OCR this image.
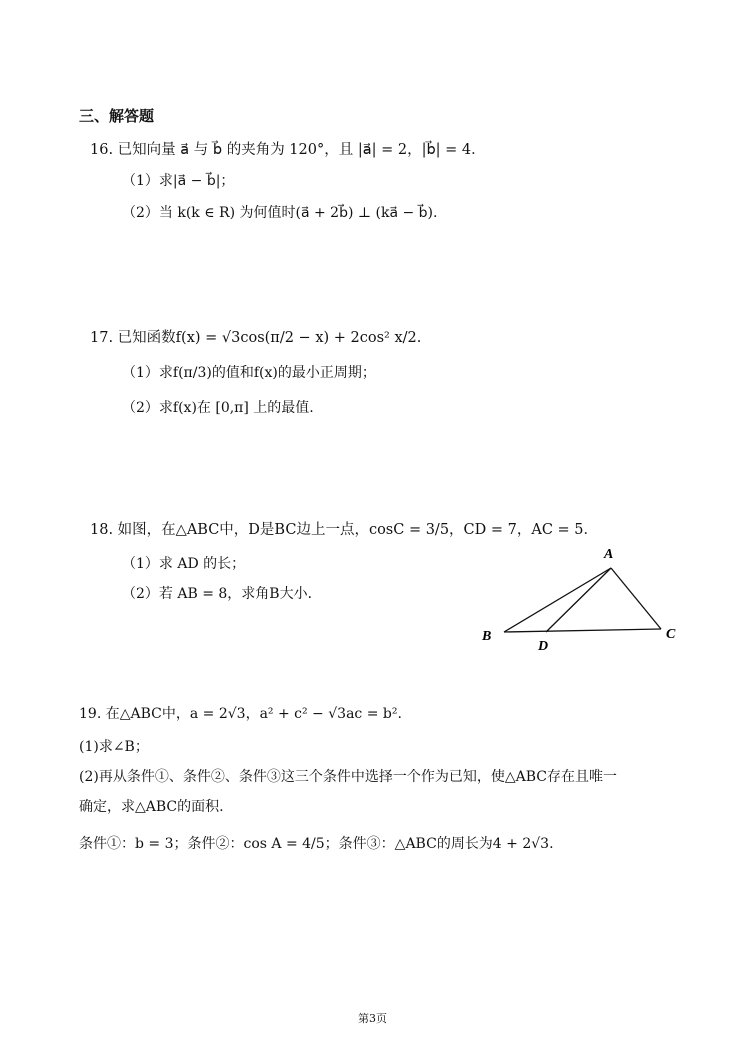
三、解答题
16. 已知向量 a⃗ 与 b⃗ 的夹角为 120°，且 |a⃗| = 2，|b⃗| = 4．
（1）求|a⃗ − b⃗|；
（2）当 k(k ∈ R) 为何值时(a⃗ + 2b⃗) ⊥ (ka⃗ − b⃗).
17. 已知函数f(x) = √3cos(π/2 − x) + 2cos² x/2.
（1）求f(π/3)的值和f(x)的最小正周期；
（2）求f(x)在 [0,π] 上的最值.
18. 如图，在△ABC中，D是BC边上一点，cosC = 3/5，CD = 7，AC = 5．
（1）求 AD 的长；
（2）若 AB = 8，求角B大小．
A
B	C
D
19. 在△ABC中，a = 2√3，a² + c² − √3ac = b².
(1)求∠B；
(2)再从条件①、条件②、条件③这三个条件中选择一个作为已知，使△ABC存在且唯一
确定，求△ABC的面积.
条件①：b = 3；条件②：cos A = 4/5；条件③：△ABC的周长为4 + 2√3.
第3页
